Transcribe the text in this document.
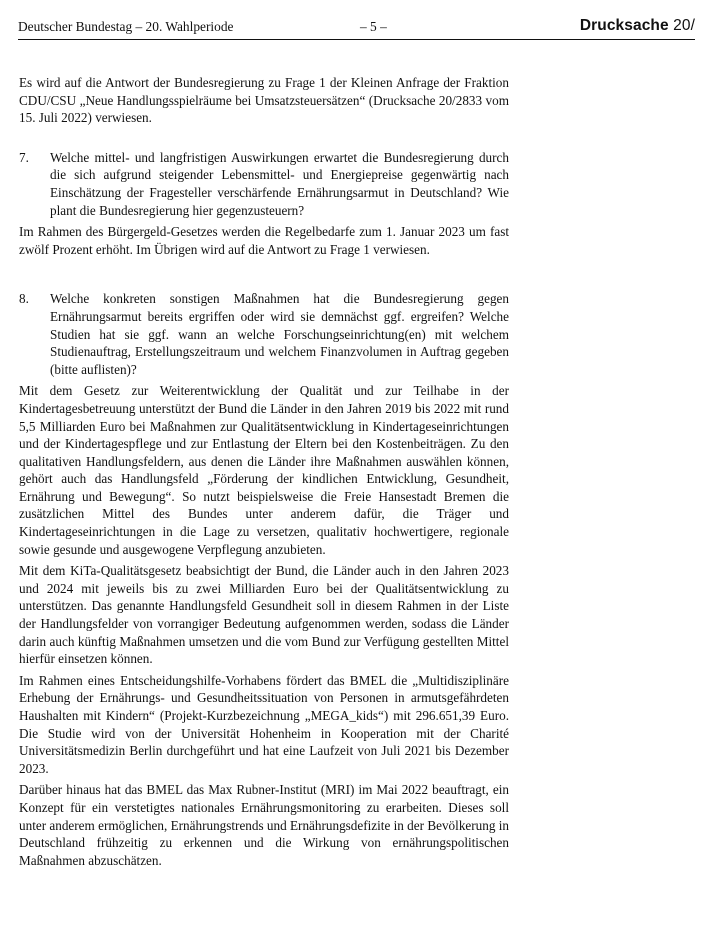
Deutscher Bundestag – 20. Wahlperiode	– 5 –	Drucksache 20/

Es wird auf die Antwort der Bundesregierung zu Frage 1 der Kleinen Anfrage der Fraktion CDU/CSU „Neue Handlungsspielräume bei Umsatzsteuersätzen“ (Drucksache 20/2833 vom 15. Juli 2022) verwiesen.

7. Welche mittel- und langfristigen Auswirkungen erwartet die Bundesregierung durch die sich aufgrund steigender Lebensmittel- und Energiepreise gegenwärtig nach Einschätzung der Fragesteller verschärfende Ernährungsarmut in Deutschland? Wie plant die Bundesregierung hier gegenzusteuern?

Im Rahmen des Bürgergeld-Gesetzes werden die Regelbedarfe zum 1. Januar 2023 um fast zwölf Prozent erhöht. Im Übrigen wird auf die Antwort zu Frage 1 verwiesen.

8. Welche konkreten sonstigen Maßnahmen hat die Bundesregierung gegen Ernährungsarmut bereits ergriffen oder wird sie demnächst ggf. ergreifen? Welche Studien hat sie ggf. wann an welche Forschungseinrichtung(en) mit welchem Studienauftrag, Erstellungszeitraum und welchem Finanzvolumen in Auftrag gegeben (bitte auflisten)?

Mit dem Gesetz zur Weiterentwicklung der Qualität und zur Teilhabe in der Kindertagesbetreuung unterstützt der Bund die Länder in den Jahren 2019 bis 2022 mit rund 5,5 Milliarden Euro bei Maßnahmen zur Qualitätsentwicklung in Kindertageseinrichtungen und der Kindertagespflege und zur Entlastung der Eltern bei den Kostenbeiträgen. Zu den qualitativen Handlungsfeldern, aus denen die Länder ihre Maßnahmen auswählen können, gehört auch das Handlungsfeld „Förderung der kindlichen Entwicklung, Gesundheit, Ernährung und Bewegung“. So nutzt beispielsweise die Freie Hansestadt Bremen die zusätzlichen Mittel des Bundes unter anderem dafür, die Träger und Kindertageseinrichtungen in die Lage zu versetzen, qualitativ hochwertigere, regionale sowie gesunde und ausgewogene Verpflegung anzubieten.

Mit dem KiTa-Qualitätsgesetz beabsichtigt der Bund, die Länder auch in den Jahren 2023 und 2024 mit jeweils bis zu zwei Milliarden Euro bei der Qualitätsentwicklung zu unterstützen. Das genannte Handlungsfeld Gesundheit soll in diesem Rahmen in der Liste der Handlungsfelder von vorrangiger Bedeutung aufgenommen werden, sodass die Länder darin auch künftig Maßnahmen umsetzen und die vom Bund zur Verfügung gestellten Mittel hierfür einsetzen können.

Im Rahmen eines Entscheidungshilfe-Vorhabens fördert das BMEL die „Multidisziplinäre Erhebung der Ernährungs- und Gesundheitssituation von Personen in armutsgefährdeten Haushalten mit Kindern“ (Projekt-Kurzbezeichnung „MEGA_kids“) mit 296.651,39 Euro. Die Studie wird von der Universität Hohenheim in Kooperation mit der Charité Universitätsmedizin Berlin durchgeführt und hat eine Laufzeit von Juli 2021 bis Dezember 2023.

Darüber hinaus hat das BMEL das Max Rubner-Institut (MRI) im Mai 2022 beauftragt, ein Konzept für ein verstetigtes nationales Ernährungsmonitoring zu erarbeiten. Dieses soll unter anderem ermöglichen, Ernährungstrends und Ernährungsdefizite in der Bevölkerung in Deutschland frühzeitig zu erkennen und die Wirkung von ernährungspolitischen Maßnahmen abzuschätzen.
